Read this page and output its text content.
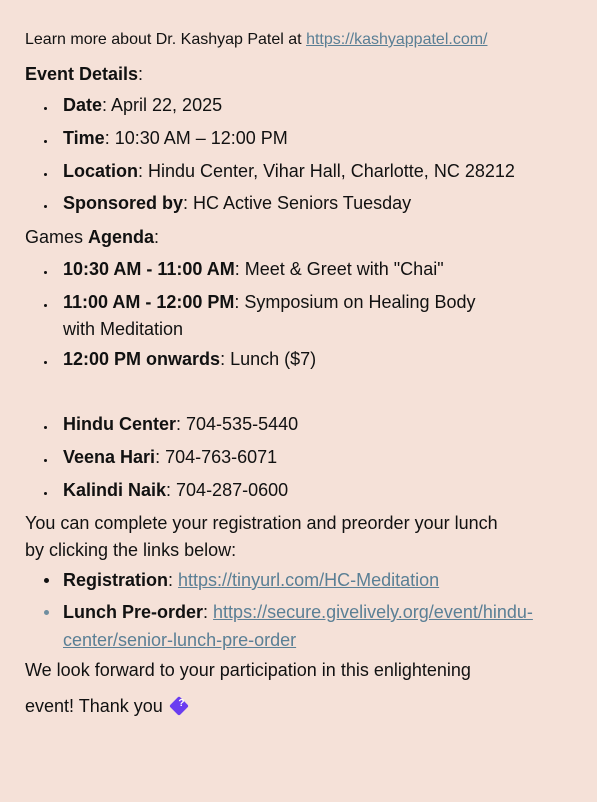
Learn more about Dr. Kashyap Patel at https://kashyappatel.com/
Event Details:
Date: April 22, 2025
Time: 10:30 AM – 12:00 PM
Location: Hindu Center, Vihar Hall, Charlotte, NC 28212
Sponsored by: HC Active Seniors Tuesday
Games Agenda:
10:30 AM - 11:00 AM: Meet & Greet with "Chai"
11:00 AM - 12:00 PM: Symposium on Healing Body
with Meditation
12:00 PM onwards: Lunch ($7)
Hindu Center: 704-535-5440
Veena Hari: 704-763-6071
Kalindi Naik: 704-287-0600
You can complete your registration and preorder your lunch
by clicking the links below:
Registration: https://tinyurl.com/HC-Meditation
Lunch Pre-order: https://secure.givelively.org/event/hindu-
center/senior-lunch-pre-order
We look forward to your participation in this enlightening
event! Thank you	?
